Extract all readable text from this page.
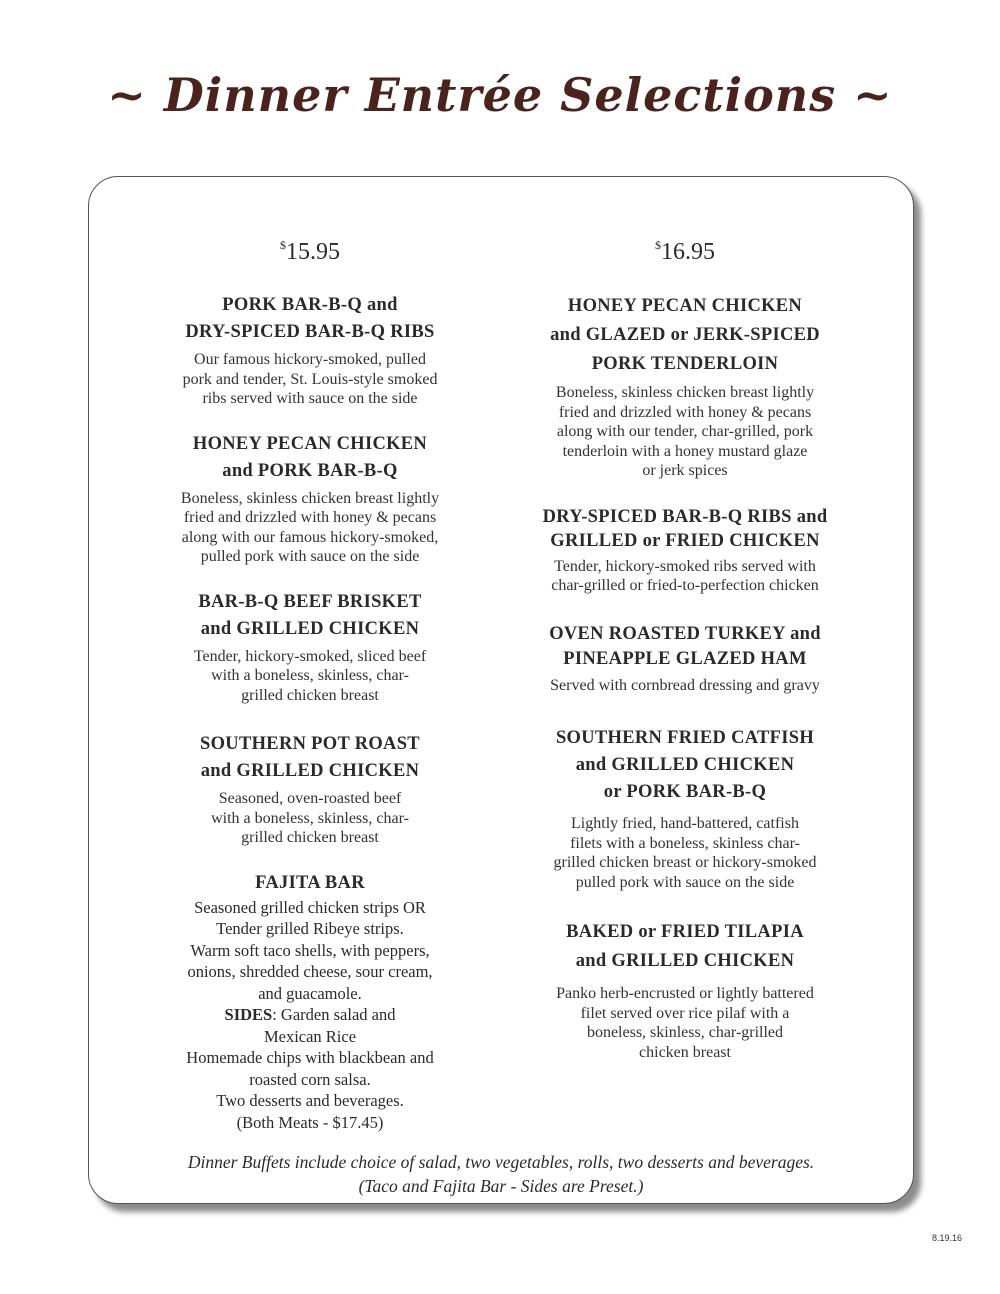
~ Dinner Entrée Selections ~
$15.95
PORK BAR-B-Q and
DRY-SPICED BAR-B-Q RIBS
Our famous hickory-smoked, pulled
pork and tender, St. Louis-style smoked
ribs served with sauce on the side
HONEY PECAN CHICKEN
and PORK BAR-B-Q
Boneless, skinless chicken breast lightly
fried and drizzled with honey & pecans
along with our famous hickory-smoked,
pulled pork with sauce on the side
BAR-B-Q BEEF BRISKET
and GRILLED CHICKEN
Tender, hickory-smoked, sliced beef
with a boneless, skinless, char-
grilled chicken breast
SOUTHERN POT ROAST
and GRILLED CHICKEN
Seasoned, oven-roasted beef
with a boneless, skinless, char-
grilled chicken breast
FAJITA BAR
Seasoned grilled chicken strips OR
Tender grilled Ribeye strips.
Warm soft taco shells, with peppers,
onions, shredded cheese, sour cream,
and guacamole.
SIDES: Garden salad and
Mexican Rice
Homemade chips with blackbean and
roasted corn salsa.
Two desserts and beverages.
(Both Meats - $17.45)
$16.95
HONEY PECAN CHICKEN
and GLAZED or JERK-SPICED
PORK TENDERLOIN
Boneless, skinless chicken breast lightly
fried and drizzled with honey & pecans
along with our tender, char-grilled, pork
tenderloin with a honey mustard glaze
or jerk spices
DRY-SPICED BAR-B-Q RIBS and
GRILLED or FRIED CHICKEN
Tender, hickory-smoked ribs served with
char-grilled or fried-to-perfection chicken
OVEN ROASTED TURKEY and
PINEAPPLE GLAZED HAM
Served with cornbread dressing and gravy
SOUTHERN FRIED CATFISH
and GRILLED CHICKEN
or PORK BAR-B-Q
Lightly fried, hand-battered, catfish
filets with a boneless, skinless char-
grilled chicken breast or hickory-smoked
pulled pork with sauce on the side
BAKED or FRIED TILAPIA
and GRILLED CHICKEN
Panko herb-encrusted or lightly battered
filet served over rice pilaf with a
boneless, skinless, char-grilled
chicken breast
Dinner Buffets include choice of salad, two vegetables, rolls, two desserts and beverages.
(Taco and Fajita Bar - Sides are Preset.)
8.19.16
